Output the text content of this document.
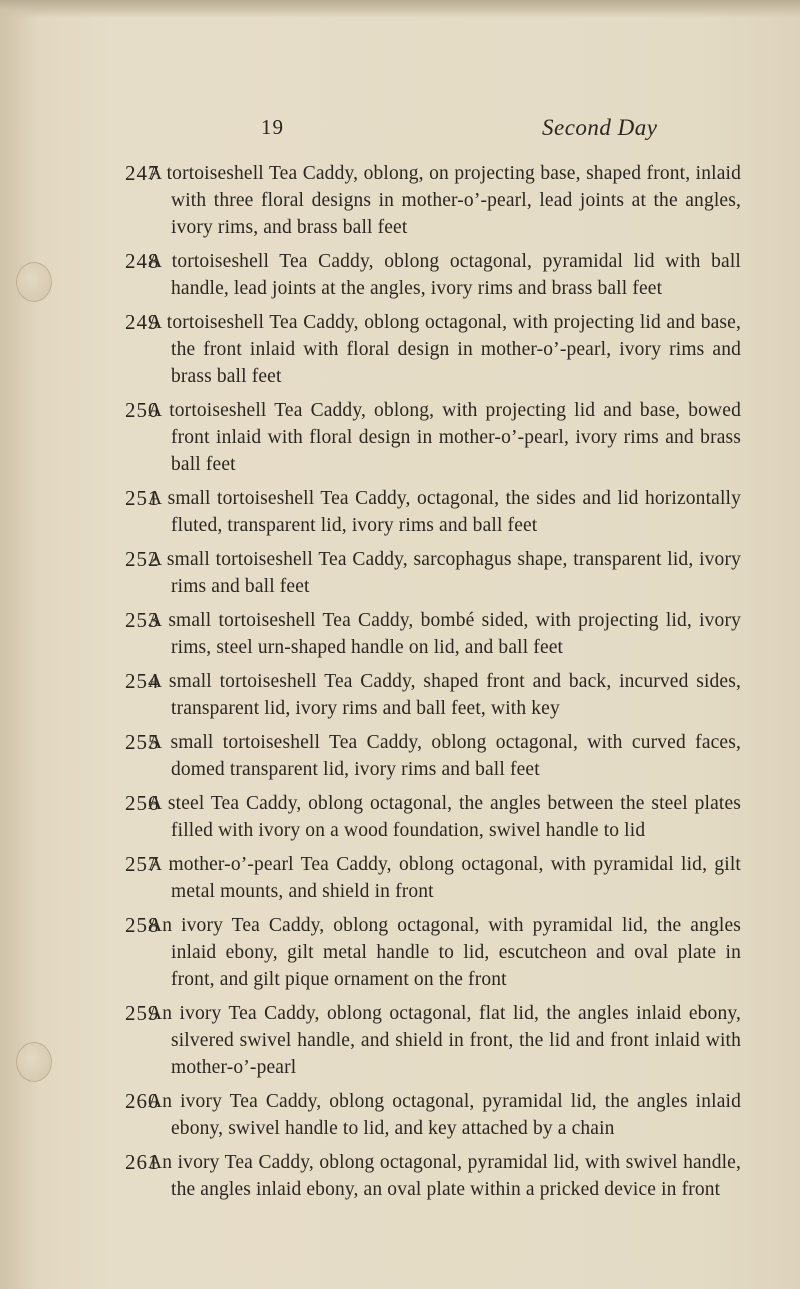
19	Second Day
247
A tortoiseshell Tea Caddy, oblong, on projecting base, shaped front, inlaid with three floral designs in mother-o’-pearl, lead joints at the angles, ivory rims, and brass ball feet
248
A tortoiseshell Tea Caddy, oblong octagonal, pyramidal lid with ball handle, lead joints at the angles, ivory rims and brass ball feet
249
A tortoiseshell Tea Caddy, oblong octagonal, with projecting lid and base, the front inlaid with floral design in mother-o’-pearl, ivory rims and brass ball feet
250
A tortoiseshell Tea Caddy, oblong, with projecting lid and base, bowed front inlaid with floral design in mother-o’-pearl, ivory rims and brass ball feet
251
A small tortoiseshell Tea Caddy, octagonal, the sides and lid horizontally fluted, transparent lid, ivory rims and ball feet
252
A small tortoiseshell Tea Caddy, sarcophagus shape, transparent lid, ivory rims and ball feet
253
A small tortoiseshell Tea Caddy, bombé sided, with projecting lid, ivory rims, steel urn-shaped handle on lid, and ball feet
254
A small tortoiseshell Tea Caddy, shaped front and back, incurved sides, transparent lid, ivory rims and ball feet, with key
255
A small tortoiseshell Tea Caddy, oblong octagonal, with curved faces, domed transparent lid, ivory rims and ball feet
256
A steel Tea Caddy, oblong octagonal, the angles between the steel plates filled with ivory on a wood foundation, swivel handle to lid
257
A mother-o’-pearl Tea Caddy, oblong octagonal, with pyramidal lid, gilt metal mounts, and shield in front
258
An ivory Tea Caddy, oblong octagonal, with pyramidal lid, the angles inlaid ebony, gilt metal handle to lid, escutcheon and oval plate in front, and gilt pique ornament on the front
259
An ivory Tea Caddy, oblong octagonal, flat lid, the angles inlaid ebony, silvered swivel handle, and shield in front, the lid and front inlaid with mother-o’-pearl
260
An ivory Tea Caddy, oblong octagonal, pyramidal lid, the angles inlaid ebony, swivel handle to lid, and key attached by a chain
261
An ivory Tea Caddy, oblong octagonal, pyramidal lid, with swivel handle, the angles inlaid ebony, an oval plate within a pricked device in front
